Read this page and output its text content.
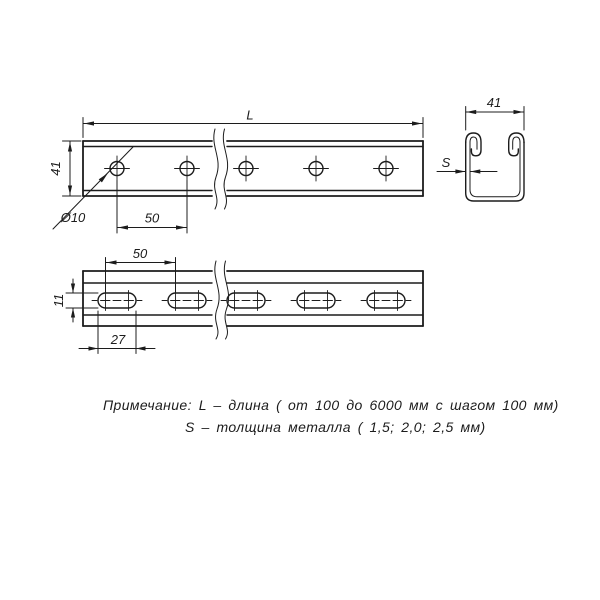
L
41
Ø10	50
41
S
50
11
27
Примечание: L – длина ( от 100 до 6000 мм с шагом 100 мм)
S – толщина металла ( 1,5; 2,0; 2,5 мм)
